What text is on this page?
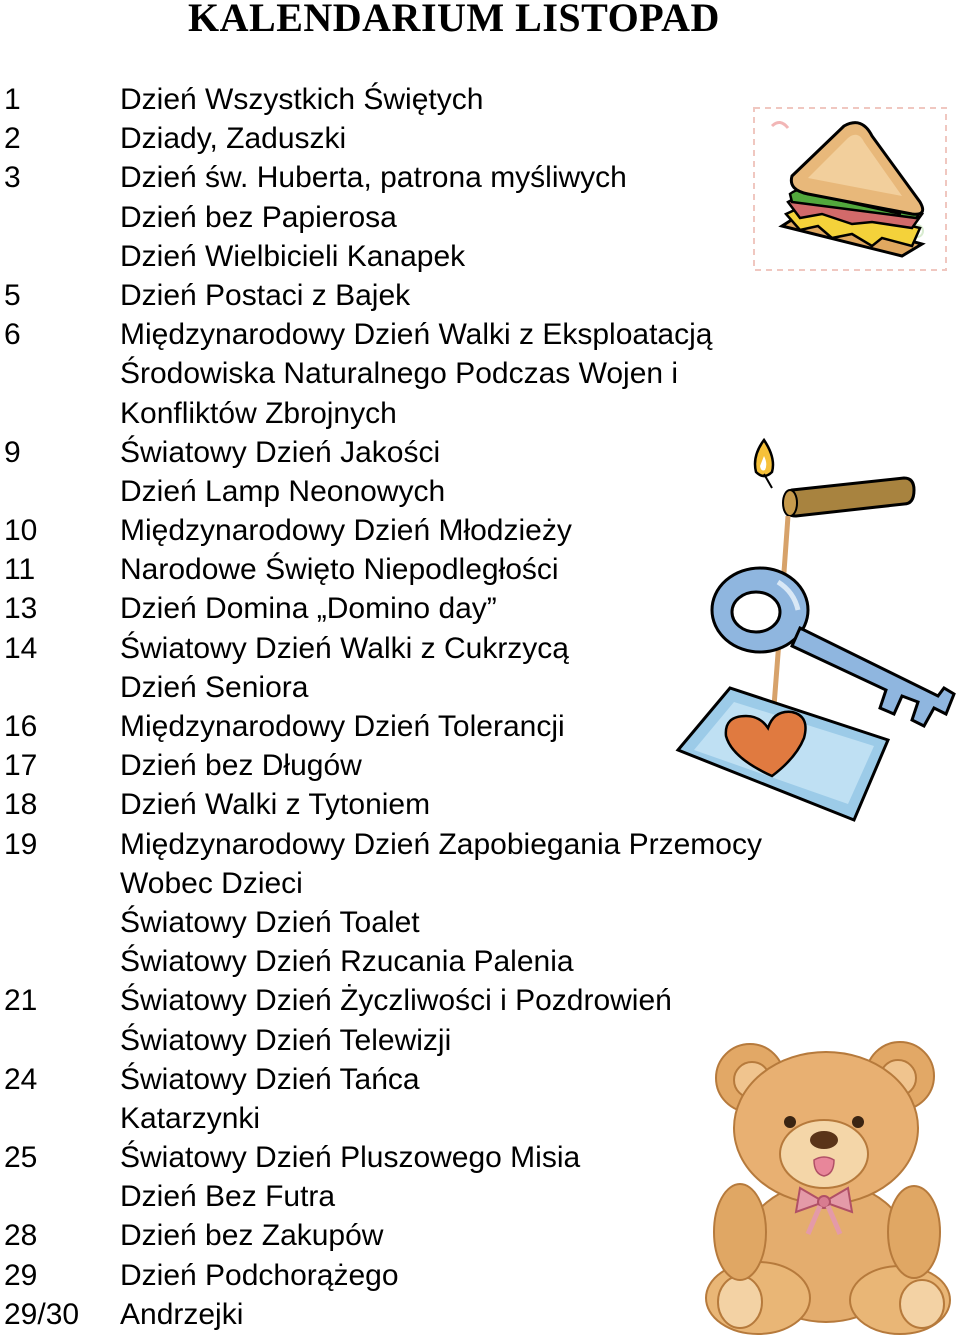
KALENDARIUM LISTOPAD
1	Dzień Wszystkich Świętych
2	Dziady, Zaduszki
3	Dzień św. Huberta, patrona myśliwych
Dzień bez Papierosa
Dzień Wielbicieli Kanapek
5	Dzień Postaci z Bajek
6	Międzynarodowy Dzień Walki z Eksploatacją
Środowiska Naturalnego Podczas Wojen i
Konfliktów Zbrojnych
9	Światowy Dzień Jakości
Dzień Lamp Neonowych
10	Międzynarodowy Dzień Młodzieży
11	Narodowe Święto Niepodległości
13	Dzień Domina „Domino day”
14	Światowy Dzień Walki z Cukrzycą
Dzień Seniora
16	Międzynarodowy Dzień Tolerancji
17	Dzień bez Długów
18	Dzień Walki z Tytoniem
19	Międzynarodowy Dzień Zapobiegania Przemocy
Wobec Dzieci
Światowy Dzień Toalet
Światowy Dzień Rzucania Palenia
21	Światowy Dzień Życzliwości i Pozdrowień
Światowy Dzień Telewizji
24	Światowy Dzień Tańca
Katarzynki
25	Światowy Dzień Pluszowego Misia
Dzień Bez Futra
28	Dzień bez Zakupów
29	Dzień Podchorążego
29/30 Andrzejki
